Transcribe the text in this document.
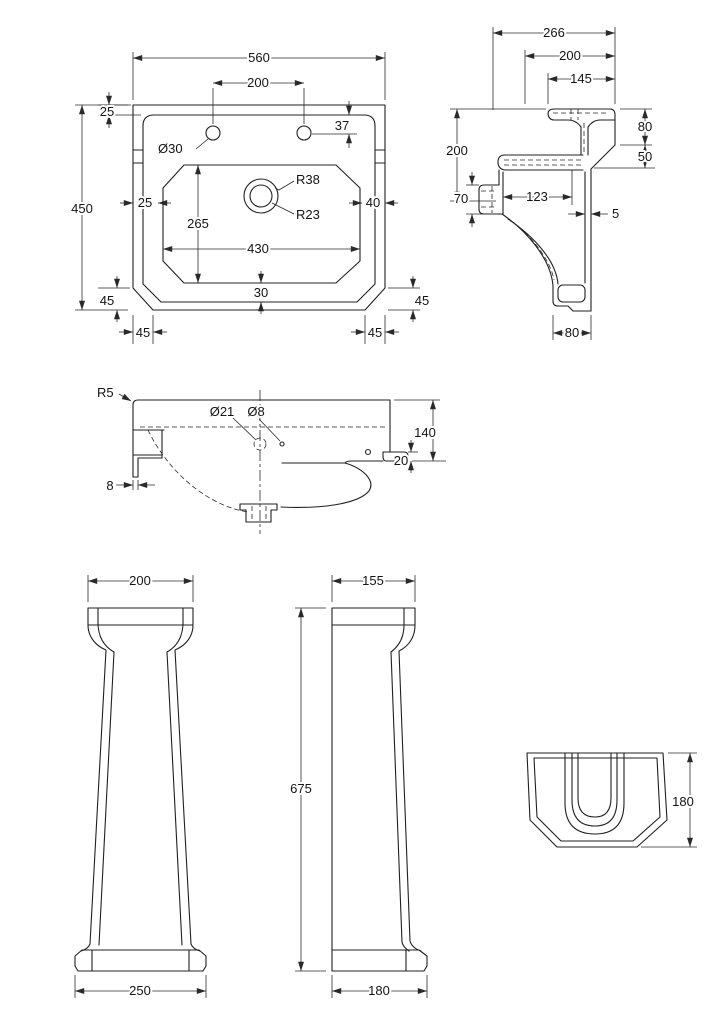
560
200
25
37
Ø30
450	25	40
265
R38
R23
430
30
45	45
45	45
266
200
145
80
50
200
70	123
5
80
R5
Ø21 Ø8
140
20
8
200
250
155
675
180
180
